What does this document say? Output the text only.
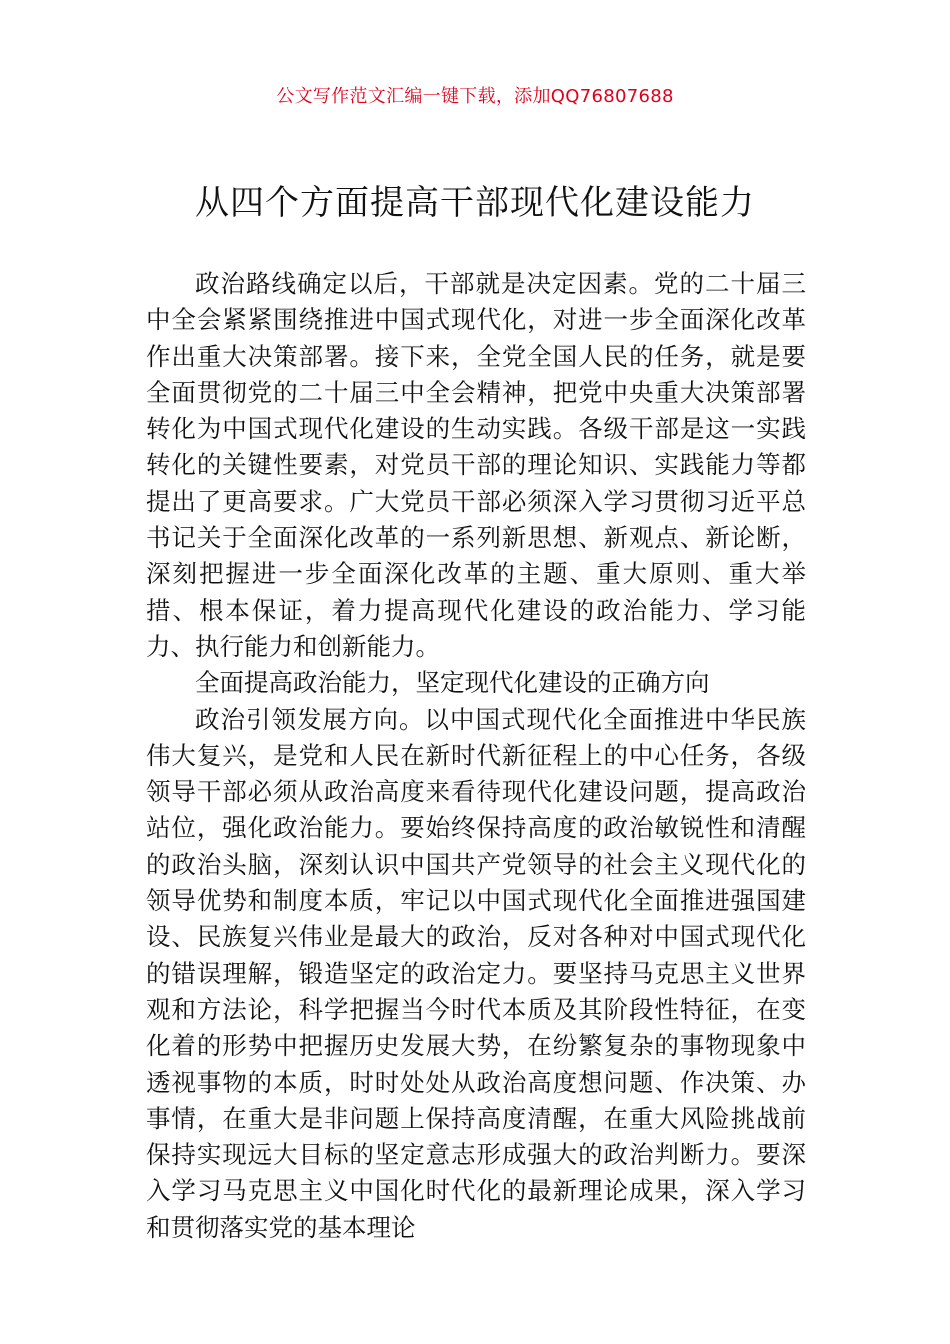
公文写作范文汇编一键下载，添加QQ76807688
从四个方面提高干部现代化建设能力

政治路线确定以后，干部就是决定因素。党的二十届三中全会紧紧围绕推进中国式现代化，对进一步全面深化改革作出重大决策部署。接下来，全党全国人民的任务，就是要全面贯彻党的二十届三中全会精神，把党中央重大决策部署转化为中国式现代化建设的生动实践。各级干部是这一实践转化的关键性要素，对党员干部的理论知识、实践能力等都提出了更高要求。广大党员干部必须深入学习贯彻习近平总书记关于全面深化改革的一系列新思想、新观点、新论断，深刻把握进一步全面深化改革的主题、重大原则、重大举措、根本保证，着力提高现代化建设的政治能力、学习能力、执行能力和创新能力。

全面提高政治能力，坚定现代化建设的正确方向

政治引领发展方向。以中国式现代化全面推进中华民族伟大复兴，是党和人民在新时代新征程上的中心任务，各级领导干部必须从政治高度来看待现代化建设问题，提高政治站位，强化政治能力。要始终保持高度的政治敏锐性和清醒的政治头脑，深刻认识中国共产党领导的社会主义现代化的领导优势和制度本质，牢记以中国式现代化全面推进强国建设、民族复兴伟业是最大的政治，反对各种对中国式现代化的错误理解，锻造坚定的政治定力。要坚持马克思主义世界观和方法论，科学把握当今时代本质及其阶段性特征，在变化着的形势中把握历史发展大势，在纷繁复杂的事物现象中透视事物的本质，时时处处从政治高度想问题、作决策、办事情，在重大是非问题上保持高度清醒，在重大风险挑战前保持实现远大目标的坚定意志形成强大的政治判断力。要深入学习马克思主义中国化时代化的最新理论成果，深入学习和贯彻落实党的基本理论
